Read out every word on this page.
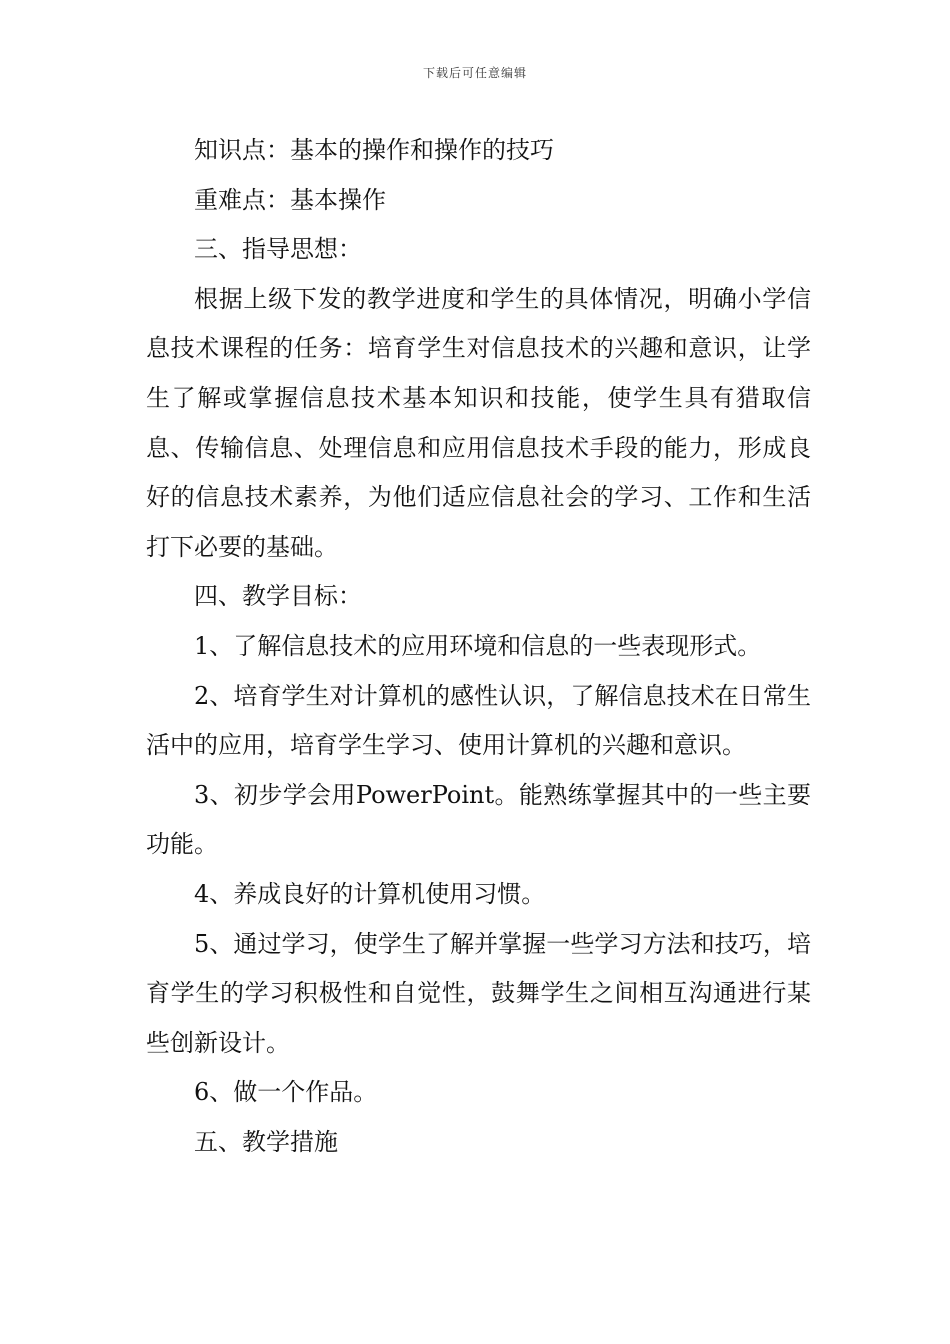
下载后可任意编辑

知识点：基本的操作和操作的技巧

重难点：基本操作

三、指导思想：

根据上级下发的教学进度和学生的具体情况，明确小学信息技术课程的任务：培育学生对信息技术的兴趣和意识，让学生了解或掌握信息技术基本知识和技能，使学生具有猎取信息、传输信息、处理信息和应用信息技术手段的能力，形成良好的信息技术素养，为他们适应信息社会的学习、工作和生活打下必要的基础。

四、教学目标：

1、了解信息技术的应用环境和信息的一些表现形式。

2、培育学生对计算机的感性认识，了解信息技术在日常生活中的应用，培育学生学习、使用计算机的兴趣和意识。

3、初步学会用PowerPoint。能熟练掌握其中的一些主要功能。

4、养成良好的计算机使用习惯。

5、通过学习，使学生了解并掌握一些学习方法和技巧，培育学生的学习积极性和自觉性，鼓舞学生之间相互沟通进行某些创新设计。

6、做一个作品。

五、教学措施
